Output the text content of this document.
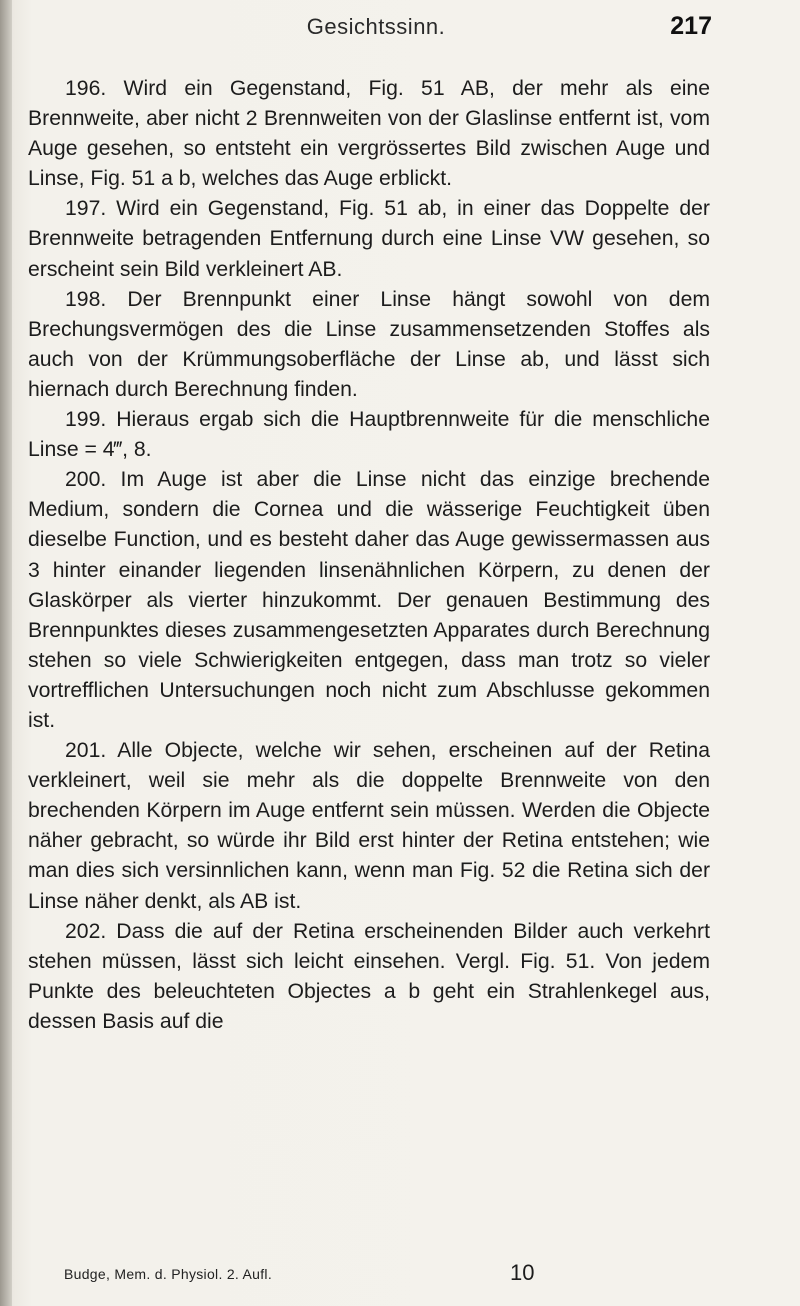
Gesichtssinn.	217

196. Wird ein Gegenstand, Fig. 51 AB, der mehr als eine Brennweite, aber nicht 2 Brennweiten von der Glaslinse entfernt ist, vom Auge gesehen, so entsteht ein vergrössertes Bild zwischen Auge und Linse, Fig. 51 a b, welches das Auge erblickt.

197. Wird ein Gegenstand, Fig. 51 ab, in einer das Doppelte der Brennweite betragenden Entfernung durch eine Linse VW gesehen, so erscheint sein Bild verkleinert AB.

198. Der Brennpunkt einer Linse hängt sowohl von dem Brechungsvermögen des die Linse zusammensetzenden Stoffes als auch von der Krümmungsoberfläche der Linse ab, und lässt sich hiernach durch Berechnung finden.

199. Hieraus ergab sich die Hauptbrennweite für die menschliche Linse = 4‴, 8.

200. Im Auge ist aber die Linse nicht das einzige brechende Medium, sondern die Cornea und die wässerige Feuchtigkeit üben dieselbe Function, und es besteht daher das Auge gewissermassen aus 3 hinter einander liegenden linsenähnlichen Körpern, zu denen der Glaskörper als vierter hinzukommt. Der genauen Bestimmung des Brennpunktes dieses zusammengesetzten Apparates durch Berechnung stehen so viele Schwierigkeiten entgegen, dass man trotz so vieler vortrefflichen Untersuchungen noch nicht zum Abschlusse gekommen ist.

201. Alle Objecte, welche wir sehen, erscheinen auf der Retina verkleinert, weil sie mehr als die doppelte Brennweite von den brechenden Körpern im Auge entfernt sein müssen. Werden die Objecte näher gebracht, so würde ihr Bild erst hinter der Retina entstehen; wie man dies sich versinnlichen kann, wenn man Fig. 52 die Retina sich der Linse näher denkt, als AB ist.

202. Dass die auf der Retina erscheinenden Bilder auch verkehrt stehen müssen, lässt sich leicht einsehen. Vergl. Fig. 51. Von jedem Punkte des beleuchteten Objectes a b geht ein Strahlenkegel aus, dessen Basis auf die

Budge, Mem. d. Physiol. 2. Aufl.	10
